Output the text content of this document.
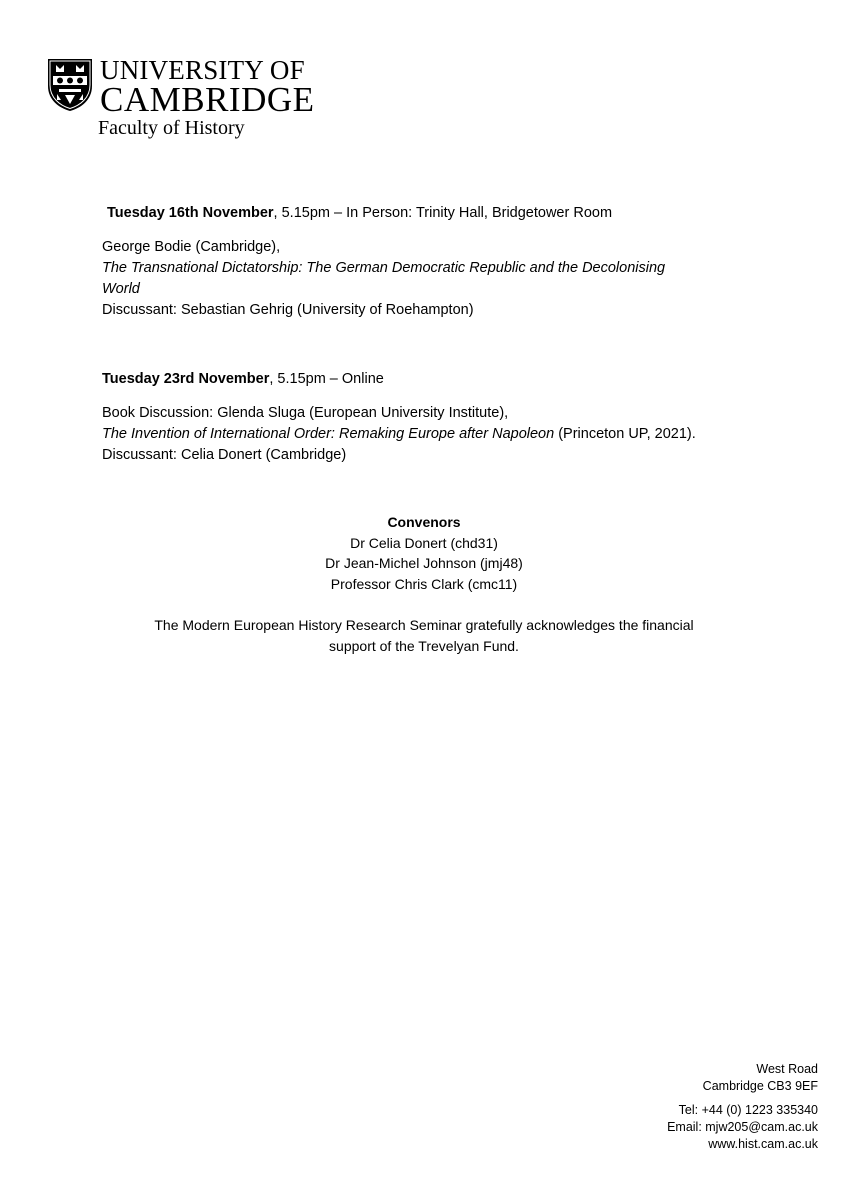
UNIVERSITY OF
CAMBRIDGE
Faculty of History

Tuesday 16th November, 5.15pm – In Person: Trinity Hall, Bridgetower Room

George Bodie (Cambridge),

The Transnational Dictatorship: The German Democratic Republic and the Decolonising

World

Discussant: Sebastian Gehrig (University of Roehampton)

Tuesday 23rd November, 5.15pm – Online

Book Discussion: Glenda Sluga (European University Institute),

The Invention of International Order: Remaking Europe after Napoleon (Princeton UP, 2021).

Discussant: Celia Donert (Cambridge)

Convenors

Dr Celia Donert (chd31)

Dr Jean-Michel Johnson (jmj48)

Professor Chris Clark (cmc11)

The Modern European History Research Seminar gratefully acknowledges the financial

support of the Trevelyan Fund.

West Road

Cambridge CB3 9EF

Tel: +44 (0) 1223 335340

Email: mjw205@cam.ac.uk

www.hist.cam.ac.uk
